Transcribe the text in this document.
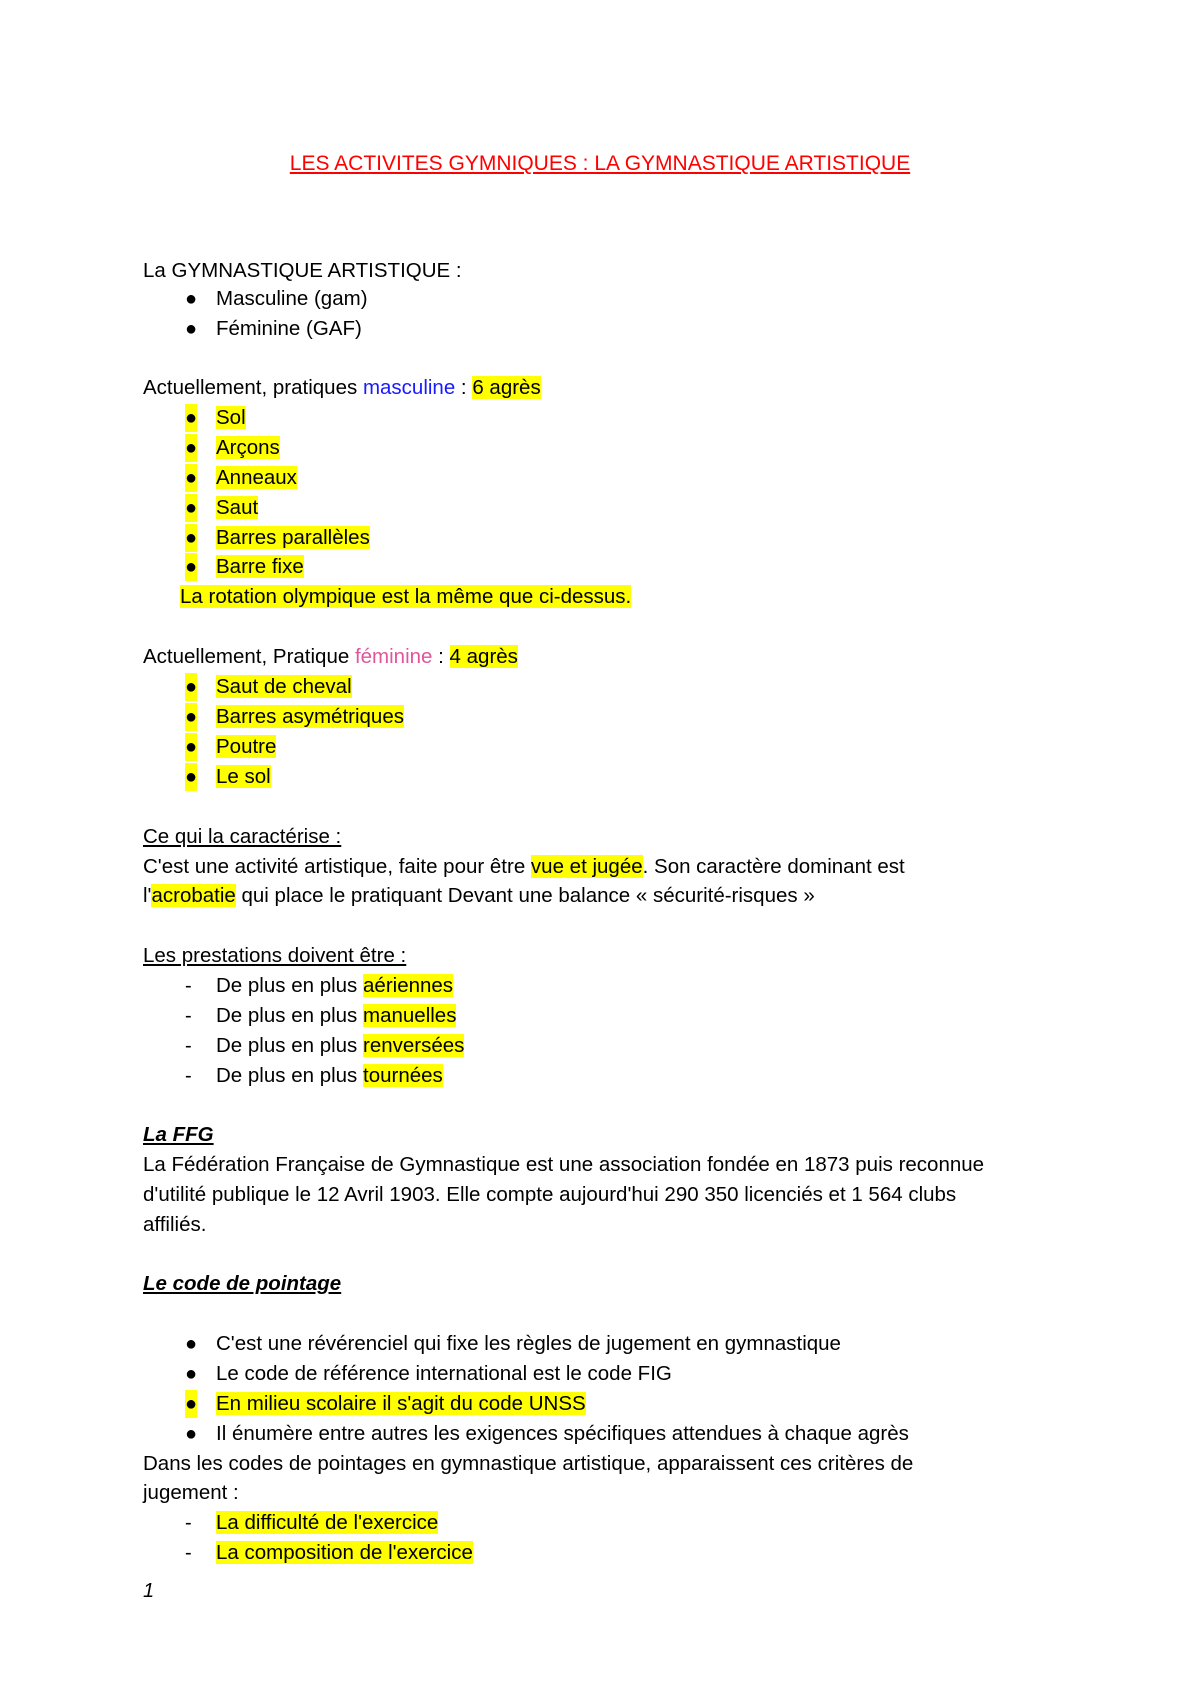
LES ACTIVITES GYMNIQUES : LA GYMNASTIQUE ARTISTIQUE
La GYMNASTIQUE ARTISTIQUE :
● Masculine (gam)
● Féminine (GAF)
Actuellement, pratiques masculine : 6 agrès
● Sol
● Arçons
● Anneaux
● Saut
● Barres parallèles
● Barre fixe
La rotation olympique est la même que ci-dessus.
Actuellement, Pratique féminine : 4 agrès
● Saut de cheval
● Barres asymétriques
● Poutre
● Le sol
Ce qui la caractérise :
C'est une activité artistique, faite pour être vue et jugée. Son caractère dominant est
l'acrobatie qui place le pratiquant Devant une balance « sécurité-risques »
Les prestations doivent être :
- De plus en plus aériennes
- De plus en plus manuelles
- De plus en plus renversées
- De plus en plus tournées
La FFG
La Fédération Française de Gymnastique est une association fondée en 1873 puis reconnue
d'utilité publique le 12 Avril 1903. Elle compte aujourd'hui 290 350 licenciés et 1 564 clubs
affiliés.
Le code de pointage
● C'est une révérenciel qui fixe les règles de jugement en gymnastique
● Le code de référence international est le code FIG
● En milieu scolaire il s'agit du code UNSS
● Il énumère entre autres les exigences spécifiques attendues à chaque agrès
Dans les codes de pointages en gymnastique artistique, apparaissent ces critères de
jugement :
- La difficulté de l'exercice
- La composition de l'exercice
1
